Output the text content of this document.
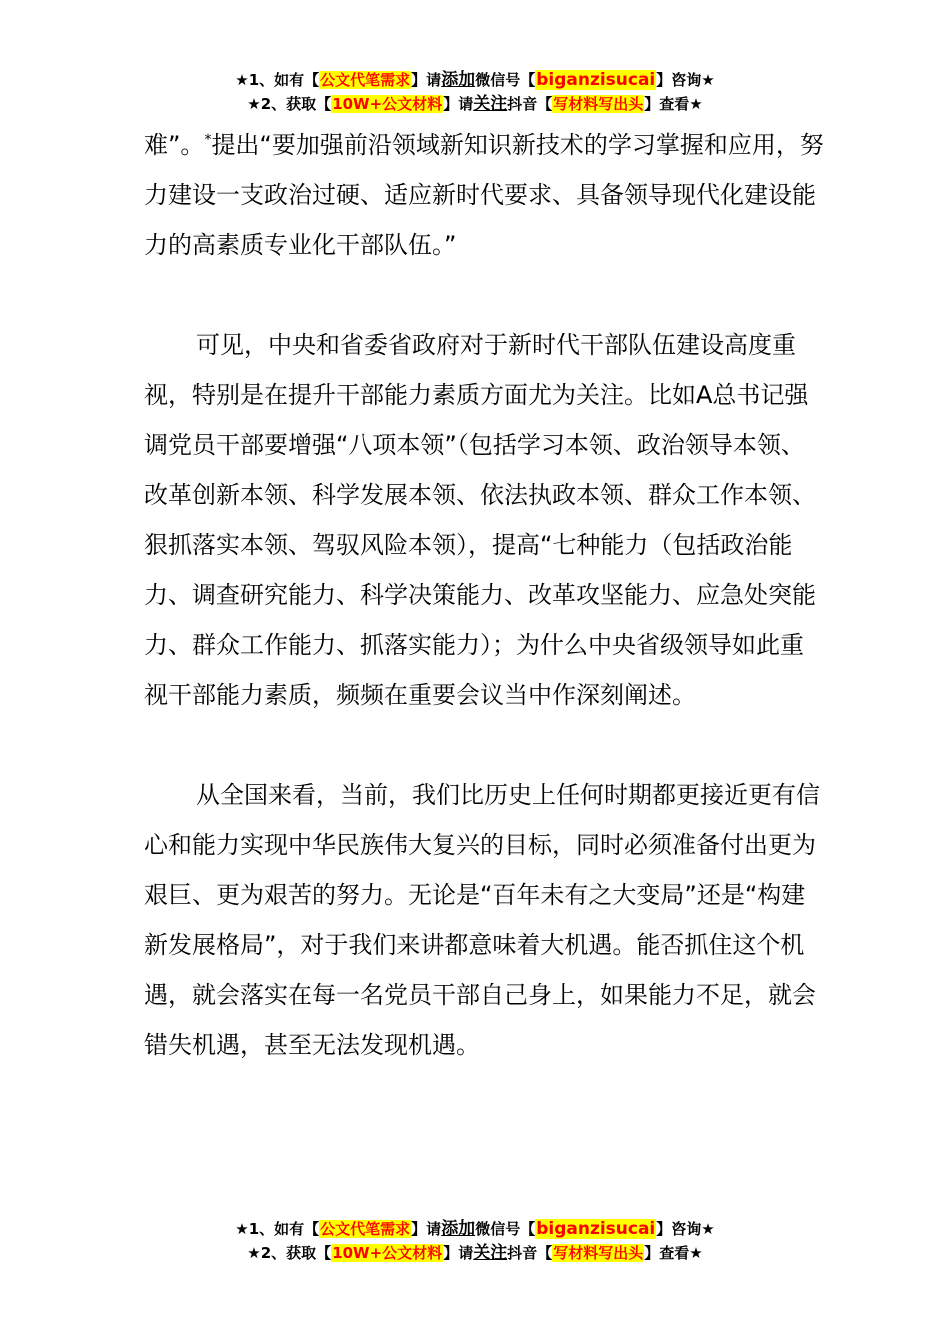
★1、如有【公文代笔需求】请添加微信号【biganzisucai】咨询★
★2、获取【10W+公文材料】请关注抖音【写材料写出头】查看★

难”。*提出“要加强前沿领域新知识新技术的学习掌握和应用，努力建设一支政治过硬、适应新时代要求、具备领导现代化建设能力的高素质专业化干部队伍。”

可见，中央和省委省政府对于新时代干部队伍建设高度重视，特别是在提升干部能力素质方面尤为关注。比如A总书记强调党员干部要增强“八项本领”（包括学习本领、政治领导本领、改革创新本领、科学发展本领、依法执政本领、群众工作本领、狠抓落实本领、驾驭风险本领），提高“七种能力（包括政治能力、调查研究能力、科学决策能力、改革攻坚能力、应急处突能力、群众工作能力、抓落实能力）；为什么中央省级领导如此重视干部能力素质，频频在重要会议当中作深刻阐述。

从全国来看，当前，我们比历史上任何时期都更接近更有信心和能力实现中华民族伟大复兴的目标，同时必须准备付出更为艰巨、更为艰苦的努力。无论是“百年未有之大变局”还是“构建新发展格局”，对于我们来讲都意味着大机遇。能否抓住这个机遇，就会落实在每一名党员干部自己身上，如果能力不足，就会错失机遇，甚至无法发现机遇。

★1、如有【公文代笔需求】请添加微信号【biganzisucai】咨询★
★2、获取【10W+公文材料】请关注抖音【写材料写出头】查看★
